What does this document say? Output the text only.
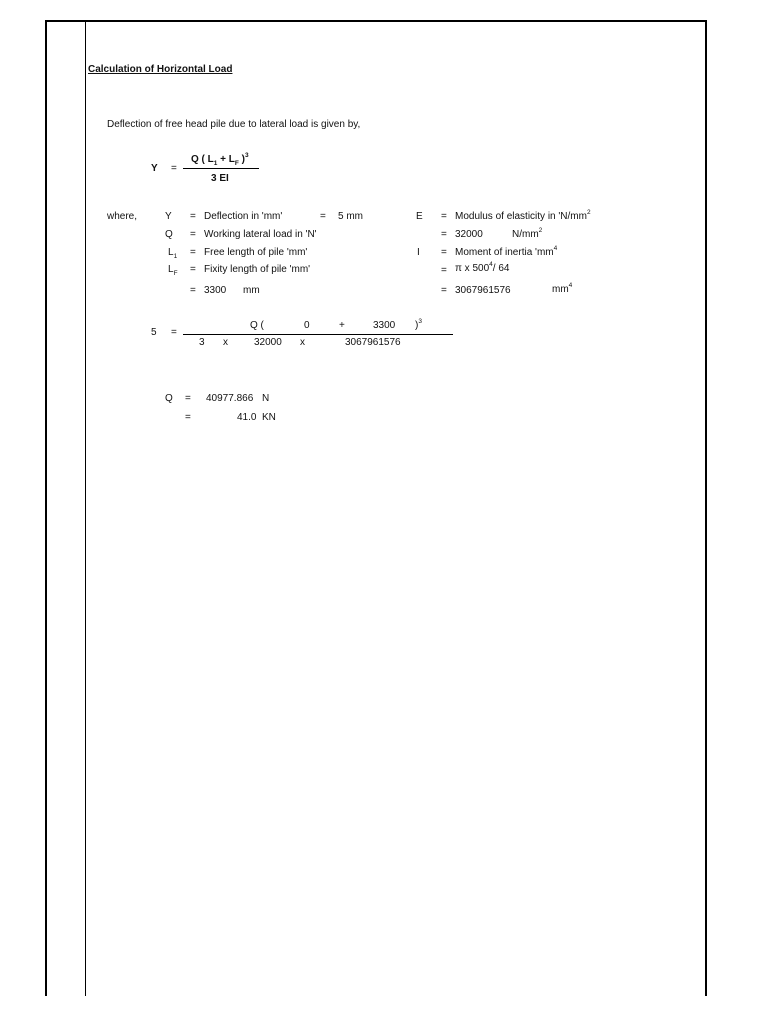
Calculation of Horizontal Load
Deflection of free head pile due to lateral load is given by,
Y =
Q ( $L_1 + L_F$ )$^3$
3 EI
where,	Y = Deflection in 'mm'	= 5 mm	E = Modulus of elasticity in '$N/mm^2$
Q = Working lateral load in 'N'	= 32000	$N/mm^2$
$L_1$ = Free length of pile 'mm'	I = Moment of inertia '$mm^4$
$L_F$ = Fixity length of pile 'mm'	= π x $500^4/$ 64
= 3300 mm	= 3067961576	$mm^4$
5 =
Q (	0	+	3300 )$^3$
3 x	32000 x	3067961576
Q = 40977.866 N
=	41.0 KN
